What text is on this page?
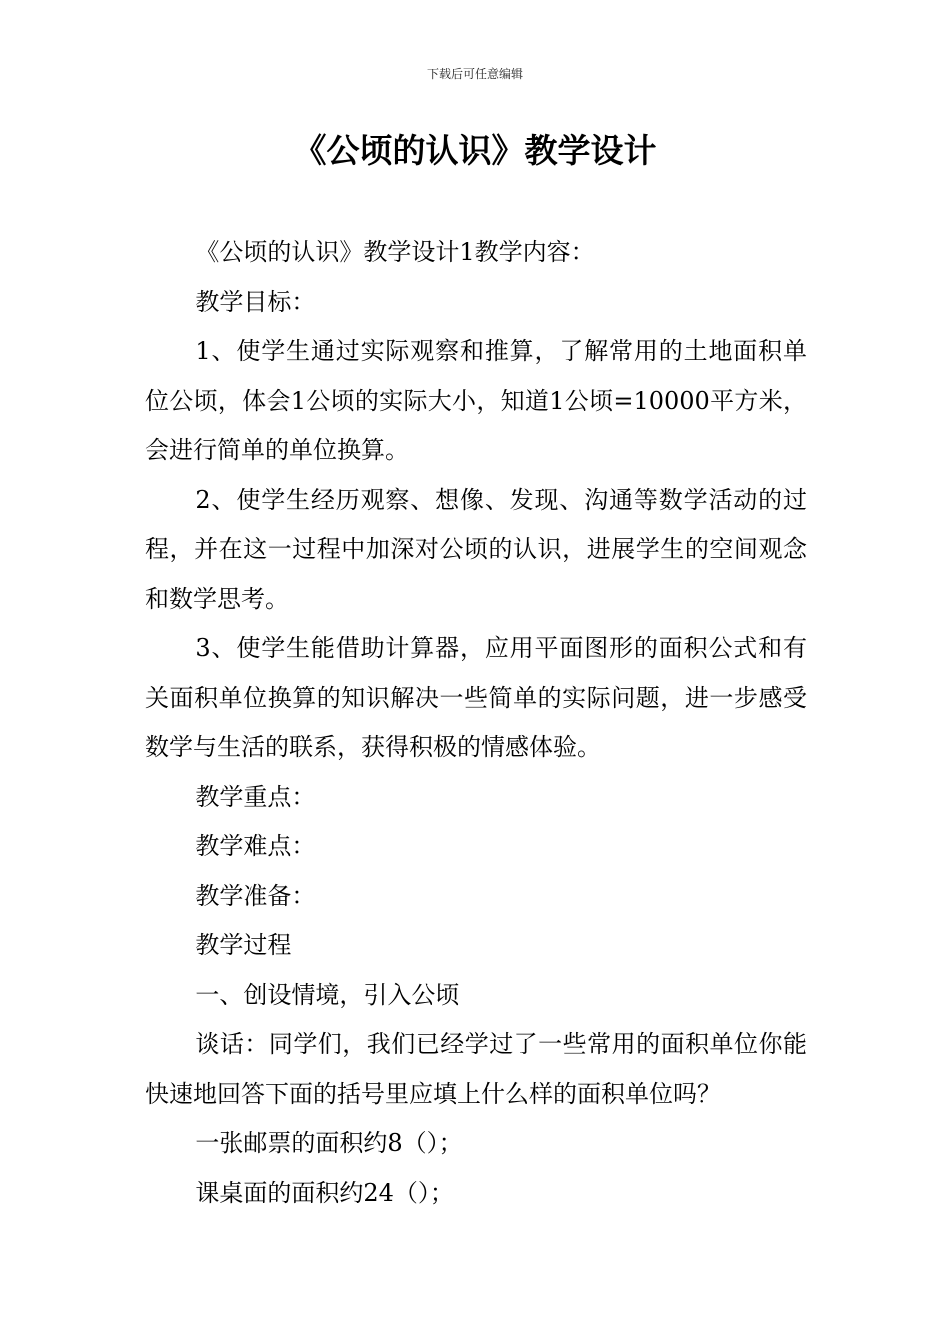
下载后可任意编辑
《公顷的认识》教学设计

《公顷的认识》教学设计1教学内容：

教学目标：

1、使学生通过实际观察和推算，了解常用的土地面积单位公顷，体会1公顷的实际大小，知道1公顷=10000平方米，会进行简单的单位换算。

2、使学生经历观察、想像、发现、沟通等数学活动的过程，并在这一过程中加深对公顷的认识，进展学生的空间观念和数学思考。

3、使学生能借助计算器，应用平面图形的面积公式和有关面积单位换算的知识解决一些简单的实际问题，进一步感受数学与生活的联系，获得积极的情感体验。

教学重点：

教学难点：

教学准备：

教学过程

一、创设情境，引入公顷

谈话：同学们，我们已经学过了一些常用的面积单位你能快速地回答下面的括号里应填上什么样的面积单位吗？

一张邮票的面积约8（）；

课桌面的面积约24（）；
